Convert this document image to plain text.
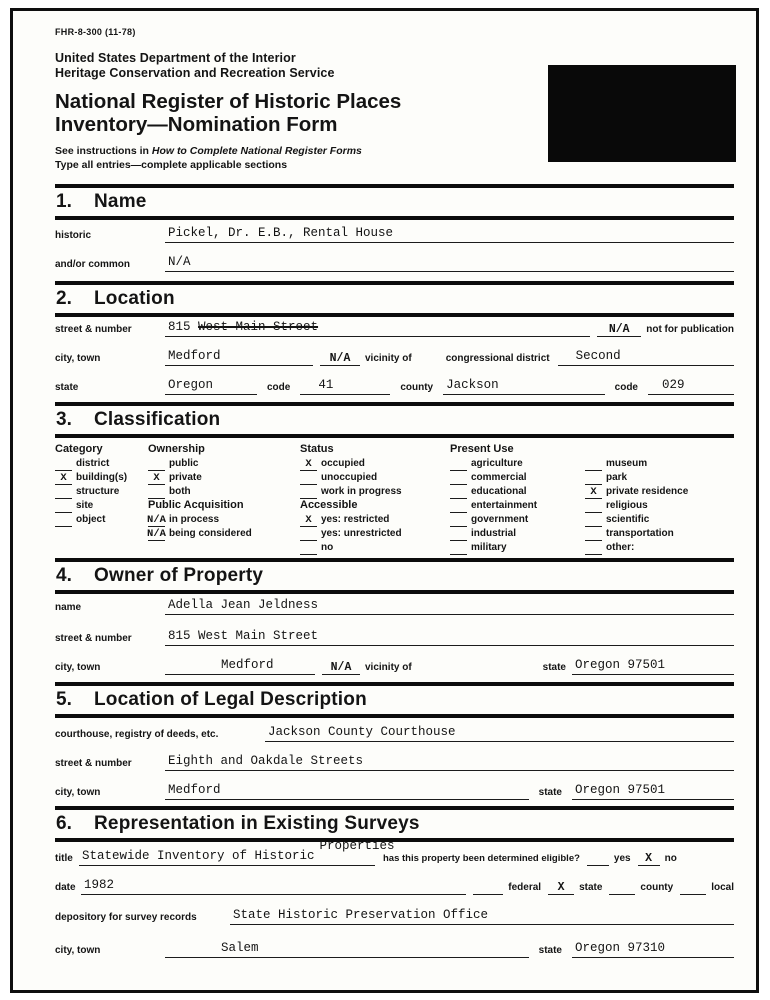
FHR-8-300 (11-78)
United States Department of the Interior
Heritage Conservation and Recreation Service
National Register of Historic Places
Inventory—Nomination Form
See instructions in How to Complete National Register Forms
Type all entries—complete applicable sections
1.	Name
historic	Pickel, Dr. E.B., Rental House
and/or common	N/A
2.	Location
street & number	815 West Main Street	N/A not for publication
city, town	Medford	N/A vicinity of	congressional district	Second
state	Oregon	code	41	county Jackson	code	029
3.	Classification
Category
district
X building(s)
structure
site
object
Ownership
public
X private
both
Public Acquisition
N/A in process
N/A being considered
Status
X occupied
unoccupied
work in progress
Accessible
X yes: restricted
yes: unrestricted
no
Present Use
agriculture
commercial
educational
entertainment
government
industrial
military
museum
park
X private residence
religious
scientific
transportation
other:
4.	Owner of Property
name	Adella Jean Jeldness
street & number	815 West Main Street
city, town	Medford	N/A vicinity of	state Oregon 97501
5.	Location of Legal Description
courthouse, registry of deeds, etc.	Jackson County Courthouse
street & number	Eighth and Oakdale Streets
city, town	Medford	state Oregon 97501
6.	Representation in Existing Surveys
title Statewide Inventory of Historic
Properties
has this property been determined eligible?	yes X no
date 1982	federal X state	county	local
depository for survey records	State Historic Preservation Office
city, town	Salem	state Oregon 97310
